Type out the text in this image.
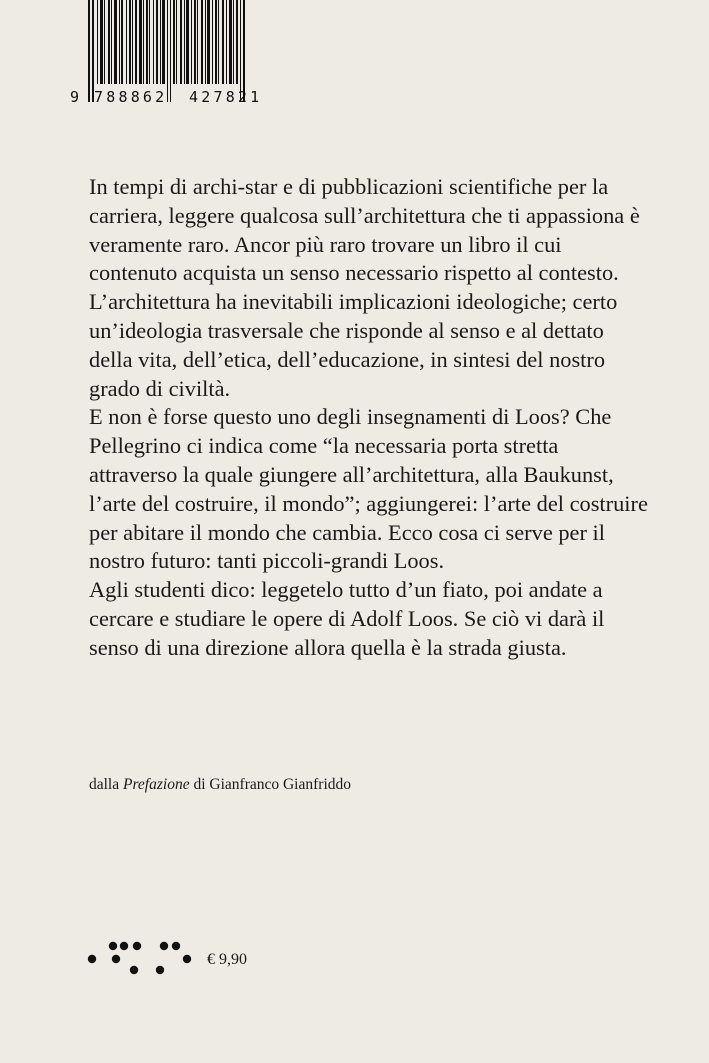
9 788862 427821

In tempi di archi-star e di pubblicazioni scientifiche per la carriera, leggere qualcosa sull’architettura che ti appassiona è veramente raro. Ancor più raro trovare un libro il cui contenuto acquista un senso necessario rispetto al contesto.

L’architettura ha inevitabili implicazioni ideologiche; certo un’ideologia trasversale che risponde al senso e al dettato della vita, dell’etica, dell’educazione, in sintesi del nostro grado di civiltà.

E non è forse questo uno degli insegnamenti di Loos? Che Pellegrino ci indica come “la necessaria porta stretta attraverso la quale giungere all’architettura, alla Baukunst, l’arte del costruire, il mondo”; aggiungerei: l’arte del costruire per abitare il mondo che cambia. Ecco cosa ci serve per il nostro futuro: tanti piccoli-grandi Loos.

Agli studenti dico: leggetelo tutto d’un fiato, poi andate a cercare e studiare le opere di Adolf Loos. Se ciò vi darà il senso di una direzione allora quella è la strada giusta.

dalla Prefazione di Gianfranco Gianfriddo
€ 9,90
